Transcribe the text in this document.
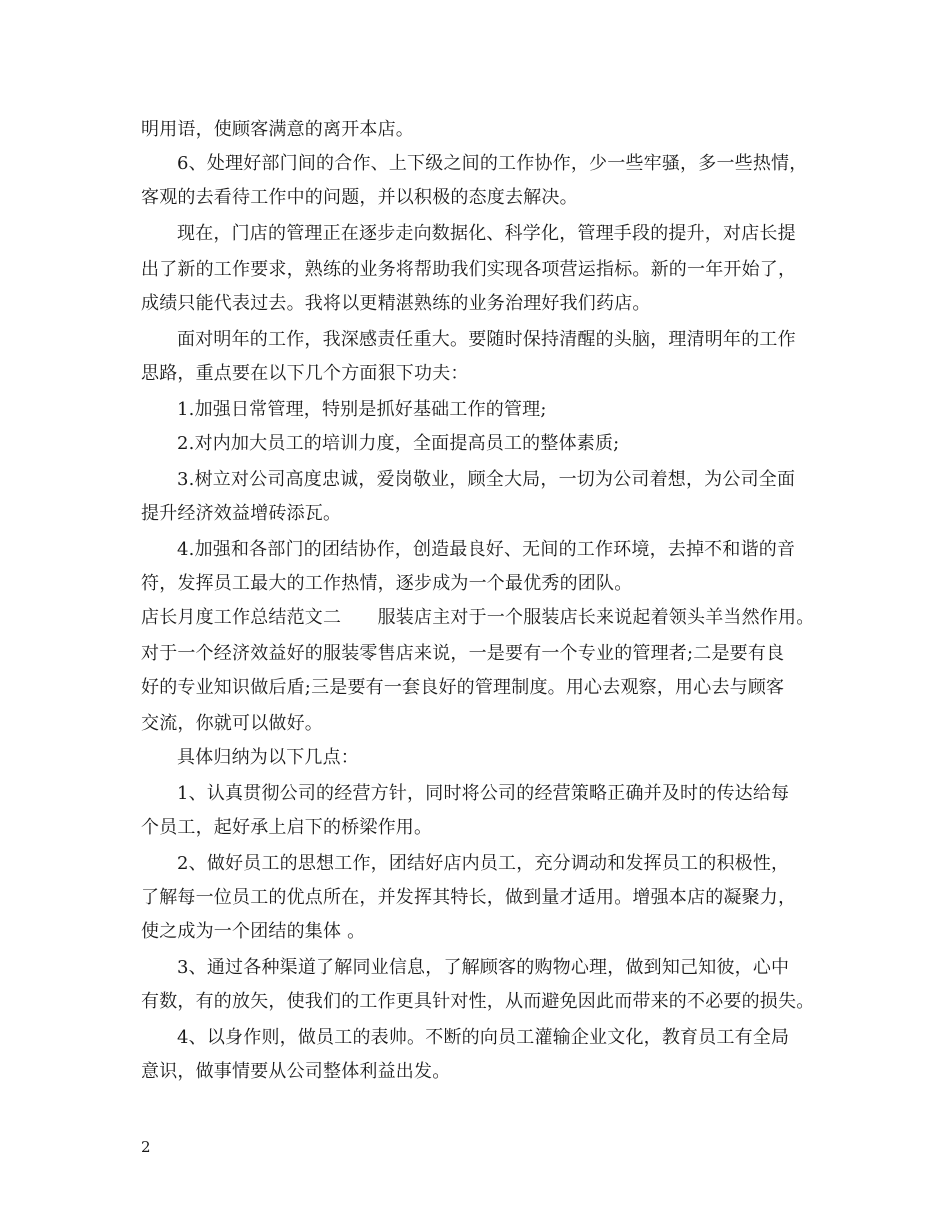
明用语，使顾客满意的离开本店。
6、处理好部门间的合作、上下级之间的工作协作，少一些牢骚，多一些热情，
客观的去看待工作中的问题，并以积极的态度去解决。
现在，门店的管理正在逐步走向数据化、科学化，管理手段的提升，对店长提
出了新的工作要求，熟练的业务将帮助我们实现各项营运指标。新的一年开始了，
成绩只能代表过去。我将以更精湛熟练的业务治理好我们药店。
面对明年的工作，我深感责任重大。要随时保持清醒的头脑，理清明年的工作
思路，重点要在以下几个方面狠下功夫：
1.加强日常管理，特别是抓好基础工作的管理;
2.对内加大员工的培训力度，全面提高员工的整体素质;
3.树立对公司高度忠诚，爱岗敬业，顾全大局，一切为公司着想，为公司全面
提升经济效益增砖添瓦。
4.加强和各部门的团结协作，创造最良好、无间的工作环境，去掉不和谐的音
符，发挥员工最大的工作热情，逐步成为一个最优秀的团队。
店长月度工作总结范文二　　服装店主对于一个服装店长来说起着领头羊当然作用。
对于一个经济效益好的服装零售店来说，一是要有一个专业的管理者;二是要有良
好的专业知识做后盾;三是要有一套良好的管理制度。用心去观察，用心去与顾客
交流，你就可以做好。
具体归纳为以下几点：
1、认真贯彻公司的经营方针，同时将公司的经营策略正确并及时的传达给每
个员工，起好承上启下的桥梁作用。
2、做好员工的思想工作，团结好店内员工，充分调动和发挥员工的积极性，
了解每一位员工的优点所在，并发挥其特长，做到量才适用。增强本店的凝聚力，
使之成为一个团结的集体 。
3、通过各种渠道了解同业信息，了解顾客的购物心理，做到知己知彼，心中
有数，有的放矢，使我们的工作更具针对性，从而避免因此而带来的不必要的损失。
4、以身作则，做员工的表帅。不断的向员工灌输企业文化，教育员工有全局
意识，做事情要从公司整体利益出发。
2
